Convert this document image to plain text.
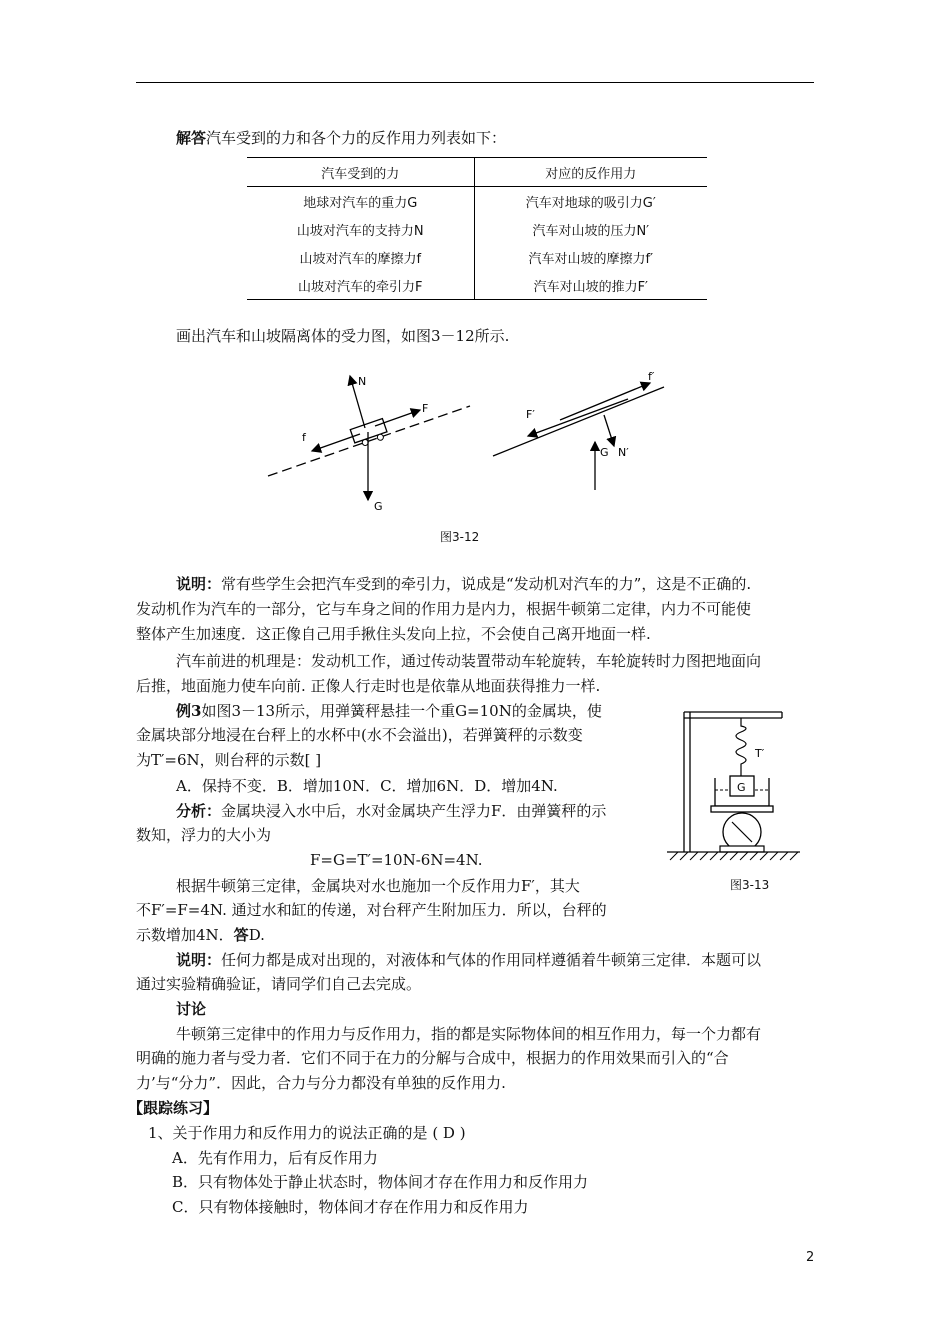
解答汽车受到的力和各个力的反作用力列表如下：
汽车受到的力	对应的反作用力
地球对汽车的重力G	汽车对地球的吸引力G′
山坡对汽车的支持力N	汽车对山坡的压力N′
山坡对汽车的摩擦力f	汽车对山坡的摩擦力f′
山坡对汽车的牵引力F	汽车对山坡的推力F′
画出汽车和山坡隔离体的受力图，如图3－12所示.
N
F
f
G
f′
F′
N′
G
图3-12
说明：常有些学生会把汽车受到的牵引力，说成是“发动机对汽车的力”，这是不正确的.
发动机作为汽车的一部分，它与车身之间的作用力是内力，根据牛顿第二定律，内力不可能使
整体产生加速度．这正像自己用手揪住头发向上拉，不会使自己离开地面一样.
汽车前进的机理是：发动机工作，通过传动装置带动车轮旋转，车轮旋转时力图把地面向
后推，地面施力使车向前. 正像人行走时也是依靠从地面获得推力一样.
例3如图3－13所示，用弹簧秤悬挂一个重G=10N的金属块，使
金属块部分地浸在台秤上的水杯中(水不会溢出)，若弹簧秤的示数变
为T′=6N，则台秤的示数[ ]
A．保持不变．B．增加10N．C．增加6N．D．增加4N.
分析：金属块浸入水中后，水对金属块产生浮力F．由弹簧秤的示
数知，浮力的大小为
F=G=T′=10N-6N=4N.
根据牛顿第三定律，金属块对水也施加一个反作用力F′，其大
不F′=F=4N. 通过水和缸的传递，对台秤产生附加压力．所以，台秤的
示数增加4N．答D.
T′
G
图3-13
说明：任何力都是成对出现的，对液体和气体的作用同样遵循着牛顿第三定律．本题可以
通过实验精确验证，请同学们自己去完成。
讨论
牛顿第三定律中的作用力与反作用力，指的都是实际物体间的相互作用力，每一个力都有
明确的施力者与受力者．它们不同于在力的分解与合成中，根据力的作用效果而引入的“合
力’与“分力”．因此，合力与分力都没有单独的反作用力.
【跟踪练习】
1、关于作用力和反作用力的说法正确的是 ( D )
A．先有作用力，后有反作用力
B．只有物体处于静止状态时，物体间才存在作用力和反作用力
C．只有物体接触时，物体间才存在作用力和反作用力
2
